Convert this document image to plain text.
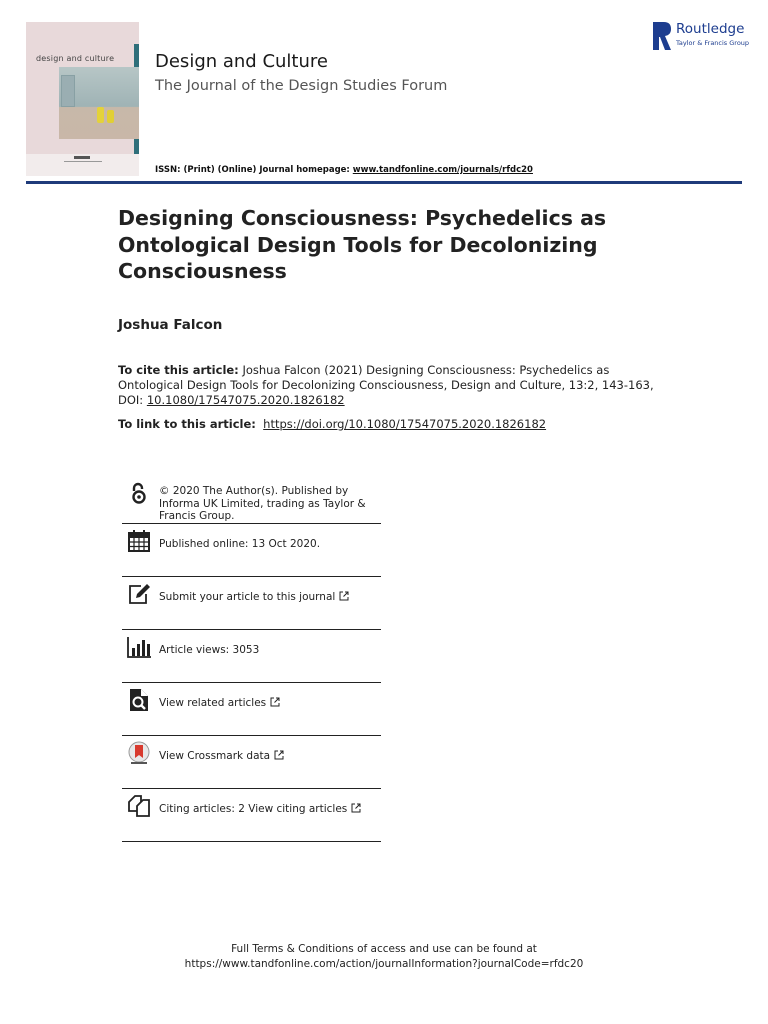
design and culture Design and Culture
The Journal of the Design Studies Forum
Routledge
Taylor & Francis Group
ISSN: (Print) (Online) Journal homepage: www.tandfonline.com/journals/rfdc20
Designing Consciousness: Psychedelics as Ontological Design Tools for Decolonizing Consciousness
Joshua Falcon
To cite this article: Joshua Falcon (2021) Designing Consciousness: Psychedelics as Ontological Design Tools for Decolonizing Consciousness, Design and Culture, 13:2, 143-163, DOI: 10.1080/17547075.2020.1826182
To link to this article: https://doi.org/10.1080/17547075.2020.1826182
© 2020 The Author(s). Published by Informa UK Limited, trading as Taylor & Francis Group.
Published online: 13 Oct 2020.
Submit your article to this journal
Article views: 3053
View related articles
View Crossmark data
Citing articles: 2 View citing articles
Full Terms & Conditions of access and use can be found at
https://www.tandfonline.com/action/journalInformation?journalCode=rfdc20
